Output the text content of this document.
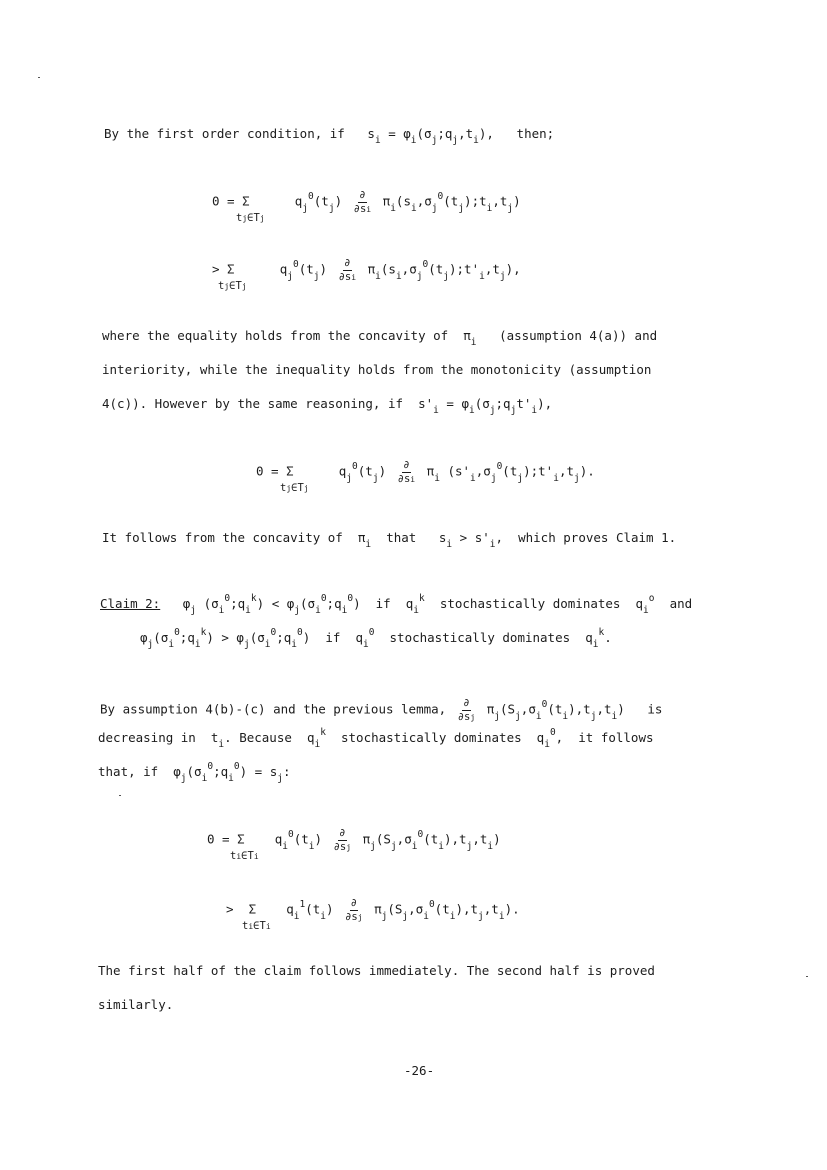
By the first order condition, if   $s_i$ = $\varphi_i(\sigma_j;q_j,t_i)$,   then;
0 = Σ      $q_j^0(t_j) \frac{\partial}{\partial si}$ $\pi_i(s_i,\sigma_j^0(t_j);t_i,t_j)$
tj∈Tj
> Σ      $q_j^0(t_j) \frac{\partial}{\partial si}$ $\pi_i(s_i,\sigma_j^0(t_j);t'_i,t_j)$,
tj∈Tj
where the equality holds from the concavity of  $\pi_i$ (assumption 4(a)) and
interiority, while the inequality holds from the monotonicity (assumption
4(c)). However by the same reasoning, if  $s'_i$ = $\varphi_i(\sigma_j;q_jt'_i)$,
0 = Σ      $q_j^0(t_j) \frac{\partial}{\partial si} \pi_i$ $(s'_i,\sigma_j^0(t_j);t'_i,t_j)$.
tj∈Tj
It follows from the concavity of  $\pi_i$ that   $s_i > s'_i$,  which proves Claim 1.
Claim 2:   $\varphi_j$ $(\sigma_i^0;q_i^k)$ < $\varphi_j(\sigma_i^0;q_i^0)$  if  $q_i^k$ stochastically dominates  $q_i^o$ and
$\varphi_j(\sigma_i^0;q_i^k)$ > $\varphi_j(\sigma_i^0;q_i^0)$  if  $q_i^0$ stochastically dominates  $q_i^k$.
By assumption 4(b)-(c) and the previous lemma, $\frac{\partial}{\partial sj} \pi_j(S_j,\sigma_i^0(t_i),t_j,t_i)$   is
decreasing in  $t_i$. Because  $q_i^k$ stochastically dominates  $q_i^0$,  it follows
that, if  $\varphi_j(\sigma_i^0;q_i^0) = s_j$:
0 = Σ    $q_i^0(t_i) \frac{\partial}{\partial sj} \pi_j(S_j,\sigma_i^0(t_i),t_j,t_i)$
ti∈Ti
>  Σ    $q_i^1(t_i) \frac{\partial}{\partial sj} \pi_j(S_j,\sigma_i^0(t_i),t_j,t_i)$.
ti∈Ti
The first half of the claim follows immediately. The second half is proved
similarly.
-26-
